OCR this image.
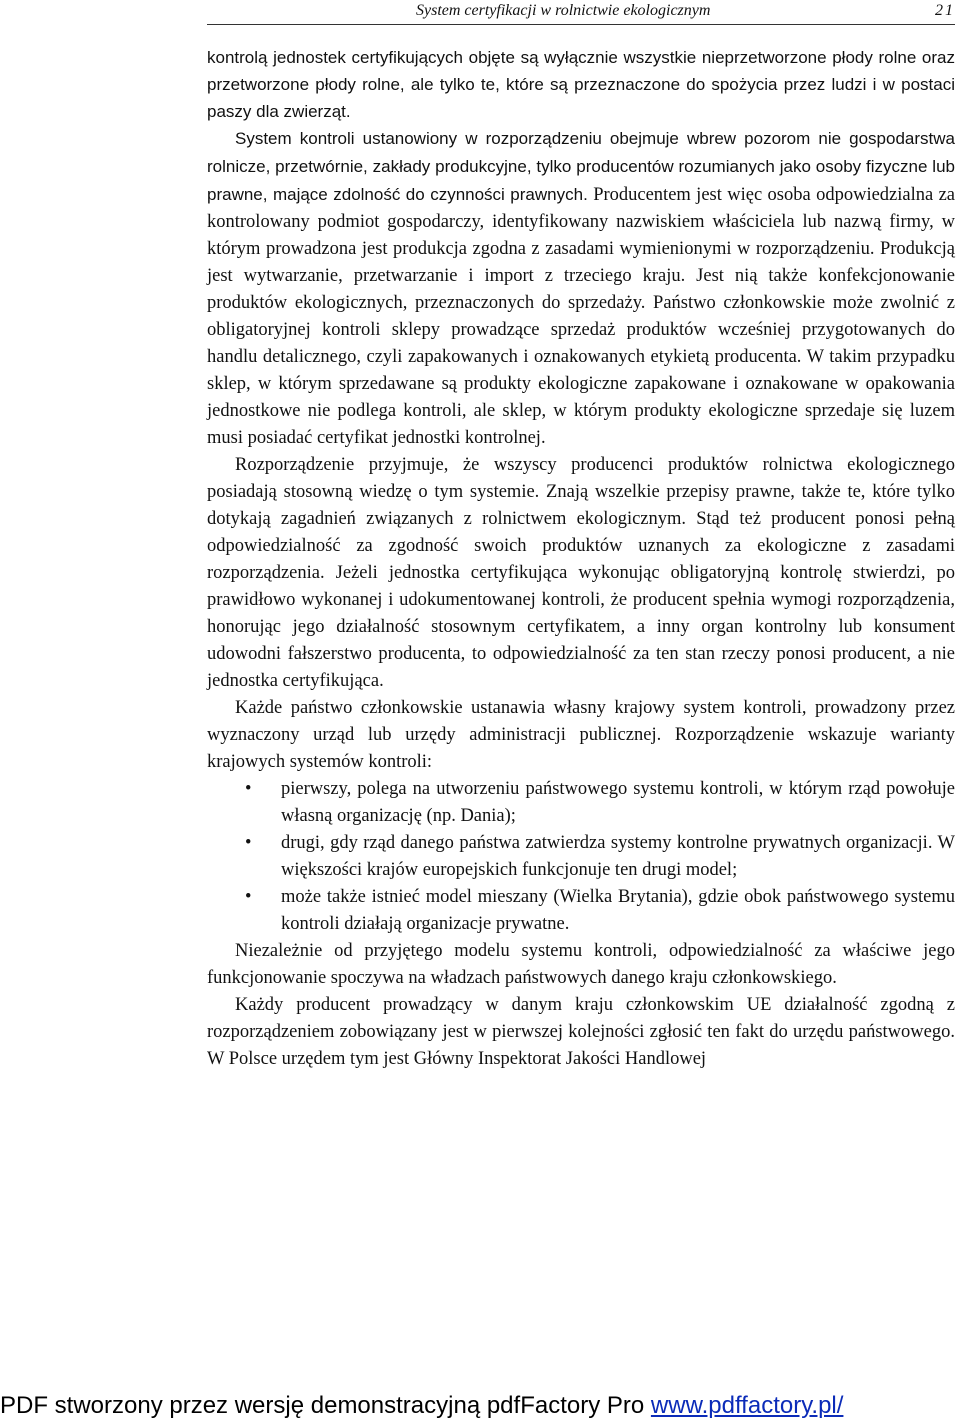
System certyfikacji w rolnictwie ekologicznym	21

kontrolą jednostek certyfikujących objęte są wyłącznie wszystkie nieprzetworzone płody rolne oraz przetworzone płody rolne, ale tylko te, które są przeznaczone do spożycia przez ludzi i w postaci paszy dla zwierząt.

System kontroli ustanowiony w rozporządzeniu obejmuje wbrew pozorom nie gospodarstwa rolnicze, przetwórnie, zakłady produkcyjne, tylko producentów rozumianych jako osoby fizyczne lub prawne, mające zdolność do czynności prawnych. Producentem jest więc osoba odpowiedzialna za kontrolowany podmiot gospodarczy, identyfikowany nazwiskiem właściciela lub nazwą firmy, w którym prowadzona jest produkcja zgodna z zasadami wymienionymi w rozporządzeniu. Produkcją jest wytwarzanie, przetwarzanie i import z trzeciego kraju. Jest nią także konfekcjonowanie produktów ekologicznych, przeznaczonych do sprzedaży. Państwo członkowskie może zwolnić z obligatoryjnej kontroli sklepy prowadzące sprzedaż produktów wcześniej przygotowanych do handlu detalicznego, czyli zapakowanych i oznakowanych etykietą producenta. W takim przypadku sklep, w którym sprzedawane są produkty ekologiczne zapakowane i oznakowane w opakowania jednostkowe nie podlega kontroli, ale sklep, w którym produkty ekologiczne sprzedaje się luzem musi posiadać certyfikat jednostki kontrolnej.

Rozporządzenie przyjmuje, że wszyscy producenci produktów rolnictwa ekologicznego posiadają stosowną wiedzę o tym systemie. Znają wszelkie przepisy prawne, także te, które tylko dotykają zagadnień związanych z rolnictwem ekologicznym. Stąd też producent ponosi pełną odpowiedzialność za zgodność swoich produktów uznanych za ekologiczne z zasadami rozporządzenia. Jeżeli jednostka certyfikująca wykonując obligatoryjną kontrolę stwierdzi, po prawidłowo wykonanej i udokumentowanej kontroli, że producent spełnia wymogi rozporządzenia, honorując jego działalność stosownym certyfikatem, a inny organ kontrolny lub konsument udowodni fałszerstwo producenta, to odpowiedzialność za ten stan rzeczy ponosi producent, a nie jednostka certyfikująca.

Każde państwo członkowskie ustanawia własny krajowy system kontroli, prowadzony przez wyznaczony urząd lub urzędy administracji publicznej. Rozporządzenie wskazuje warianty krajowych systemów kontroli:

• pierwszy, polega na utworzeniu państwowego systemu kontroli, w którym rząd powołuje własną organizację (np. Dania);
• drugi, gdy rząd danego państwa zatwierdza systemy kontrolne prywatnych organizacji. W większości krajów europejskich funkcjonuje ten drugi model;
• może także istnieć model mieszany (Wielka Brytania), gdzie obok państwowego systemu kontroli działają organizacje prywatne.

Niezależnie od przyjętego modelu systemu kontroli, odpowiedzialność za właściwe jego funkcjonowanie spoczywa na władzach państwowych danego kraju członkowskiego.

Każdy producent prowadzący w danym kraju członkowskim UE działalność zgodną z rozporządzeniem zobowiązany jest w pierwszej kolejności zgłosić ten fakt do urzędu państwowego. W Polsce urzędem tym jest Główny Inspektorat Jakości Handlowej

PDF stworzony przez wersję demonstracyjną pdfFactory Pro www.pdffactory.pl/
